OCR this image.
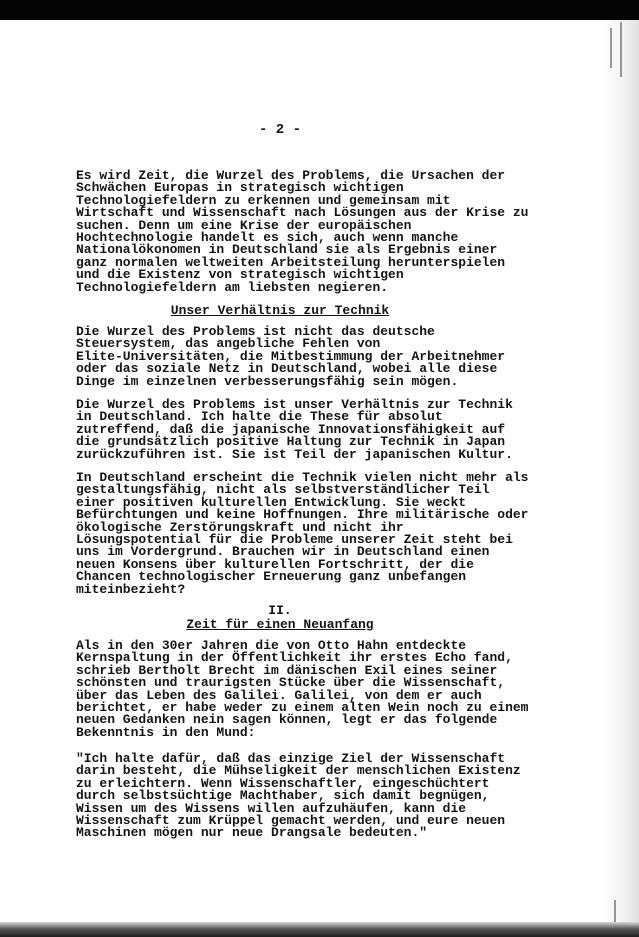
- 2 -
Es wird Zeit, die Wurzel des Problems, die Ursachen der
Schwächen Europas in strategisch wichtigen
Technologiefeldern zu erkennen und gemeinsam mit
Wirtschaft und Wissenschaft nach Lösungen aus der Krise zu
suchen. Denn um eine Krise der europäischen
Hochtechnologie handelt es sich, auch wenn manche
Nationalökonomen in Deutschland sie als Ergebnis einer
ganz normalen weltweiten Arbeitsteilung herunterspielen
und die Existenz von strategisch wichtigen
Technologiefeldern am liebsten negieren.
Unser Verhältnis zur Technik
Die Wurzel des Problems ist nicht das deutsche
Steuersystem, das angebliche Fehlen von
Elite-Universitäten, die Mitbestimmung der Arbeitnehmer
oder das soziale Netz in Deutschland, wobei alle diese
Dinge im einzelnen verbesserungsfähig sein mögen.
Die Wurzel des Problems ist unser Verhältnis zur Technik
in Deutschland. Ich halte die These für absolut
zutreffend, daß die japanische Innovationsfähigkeit auf
die grundsätzlich positive Haltung zur Technik in Japan
zurückzuführen ist. Sie ist Teil der japanischen Kultur.
In Deutschland erscheint die Technik vielen nicht mehr als
gestaltungsfähig, nicht als selbstverständlicher Teil
einer positiven kulturellen Entwicklung. Sie weckt
Befürchtungen und keine Hoffnungen. Ihre militärische oder
ökologische Zerstörungskraft und nicht ihr
Lösungspotential für die Probleme unserer Zeit steht bei
uns im Vordergrund. Brauchen wir in Deutschland einen
neuen Konsens über kulturellen Fortschritt, der die
Chancen technologischer Erneuerung ganz unbefangen
miteinbezieht?
II.
Zeit für einen Neuanfang
Als in den 30er Jahren die von Otto Hahn entdeckte
Kernspaltung in der Öffentlichkeit ihr erstes Echo fand,
schrieb Bertholt Brecht im dänischen Exil eines seiner
schönsten und traurigsten Stücke über die Wissenschaft,
über das Leben des Galilei. Galilei, von dem er auch
berichtet, er habe weder zu einem alten Wein noch zu einem
neuen Gedanken nein sagen können, legt er das folgende
Bekenntnis in den Mund:
"Ich halte dafür, daß das einzige Ziel der Wissenschaft
darin besteht, die Mühseligkeit der menschlichen Existenz
zu erleichtern. Wenn Wissenschaftler, eingeschüchtert
durch selbstsüchtige Machthaber, sich damit begnügen,
Wissen um des Wissens willen aufzuhäufen, kann die
Wissenschaft zum Krüppel gemacht werden, und eure neuen
Maschinen mögen nur neue Drangsale bedeuten."
